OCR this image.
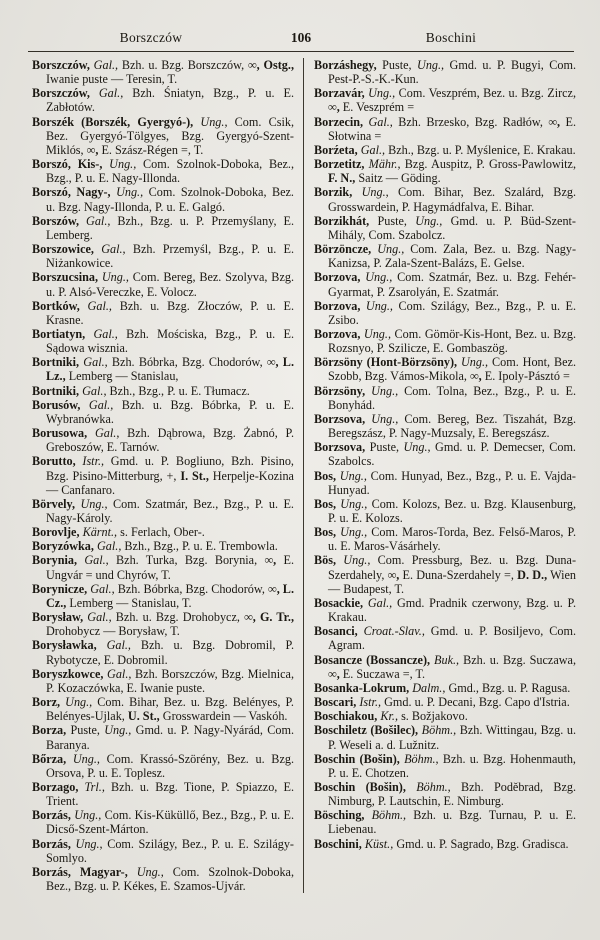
Borszczów	106	Boschini
Borszczów, Gal., Bzh. u. Bzg. Borszczów, ∞, Ostg., Iwanie puste — Teresin, T.
Borszczów, Gal., Bzh. Śniatyn, Bzg., P. u. E. Zabłotów.
Borszék (Borszék, Gyergyó-), Ung., Com. Csik, Bez. Gyergyó-Tölgyes, Bzg. Gyergyó-Szent-Miklós, ∞, E. Szász-Régen =, T.
Borszó, Kis-, Ung., Com. Szolnok-Doboka, Bez., Bzg., P. u. E. Nagy-Illonda.
Borszó, Nagy-, Ung., Com. Szolnok-Doboka, Bez. u. Bzg. Nagy-Illonda, P. u. E. Galgó.
Borszów, Gal., Bzh., Bzg. u. P. Przemyślany, E. Lemberg.
Borszowice, Gal., Bzh. Przemyśl, Bzg., P. u. E. Niżankowice.
Borszucsina, Ung., Com. Bereg, Bez. Szolyva, Bzg. u. P. Alsó-Vereczke, E. Volocz.
Bortków, Gal., Bzh. u. Bzg. Złoczów, P. u. E. Krasne.
Bortiatyn, Gal., Bzh. Mościska, Bzg., P. u. E. Sądowa wisznia.
Bortniki, Gal., Bzh. Bóbrka, Bzg. Chodorów, ∞, L. Lz., Lemberg — Stanislau,
Bortniki, Gal., Bzh., Bzg., P. u. E. Tłumacz.
Borusów, Gal., Bzh. u. Bzg. Bóbrka, P. u. E. Wybranówka.
Borusowa, Gal., Bzh. Dąbrowa, Bzg. Żabnó, P. Greboszów, E. Tarnów.
Borutto, Istr., Gmd. u. P. Bogliuno, Bzh. Pisino, Bzg. Pisino-Mitterburg, +, I. St., Herpelje-Kozina — Canfanaro.
Börvely, Ung., Com. Szatmár, Bez., Bzg., P. u. E. Nagy-Károly.
Borovlje, Kärnt., s. Ferlach, Ober-.
Boryzówka, Gal., Bzh., Bzg., P. u. E. Trembowla.
Borynia, Gal., Bzh. Turka, Bzg. Borynia, ∞, E. Ungvár = und Chyrów, T.
Borynicze, Gal., Bzh. Bóbrka, Bzg. Chodorów, ∞, L. Cz., Lemberg — Stanislau, T.
Borysław, Gal., Bzh. u. Bzg. Drohobycz, ∞, G. Tr., Drohobycz — Borysław, T.
Borysławka, Gal., Bzh. u. Bzg. Dobromil, P. Rybotycze, E. Dobromil.
Boryszkowce, Gal., Bzh. Borszczów, Bzg. Mielnica, P. Kozaczówka, E. Iwanie puste.
Borz, Ung., Com. Bihar, Bez. u. Bzg. Belényes, P. Belényes-Ujlak, U. St., Grosswardein — Vaskóh.
Borza, Puste, Ung., Gmd. u. P. Nagy-Nyárád, Com. Baranya.
Bőrza, Ung., Com. Krassó-Szörény, Bez. u. Bzg. Orsova, P. u. E. Toplesz.
Borzago, Trl., Bzh. u. Bzg. Tione, P. Spiazzo, E. Trient.
Borzás, Ung., Com. Kis-Küküllő, Bez., Bzg., P. u. E. Dicső-Szent-Márton.
Borzás, Ung., Com. Szilágy, Bez., P. u. E. Szilágy-Somlyo.
Borzás, Magyar-, Ung., Com. Szolnok-Doboka, Bez., Bzg. u. P. Kékes, E. Szamos-Ujvár.
Borzáshegy, Puste, Ung., Gmd. u. P. Bugyi, Com. Pest-P.-S.-K.-Kun.
Borzavár, Ung., Com. Veszprém, Bez. u. Bzg. Zircz, ∞, E. Veszprém =
Borzecin, Gal., Bzh. Brzesko, Bzg. Radłów, ∞, E. Słotwina =
Borźeta, Gal., Bzh., Bzg. u. P. Myślenice, E. Krakau.
Borzetitz, Mähr., Bzg. Auspitz, P. Gross-Pawlowitz, F. N., Saitz — Göding.
Borzik, Ung., Com. Bihar, Bez. Szalárd, Bzg. Grosswardein, P. Hagymádfalva, E. Bihar.
Borzikhát, Puste, Ung., Gmd. u. P. Büd-Szent-Mihály, Com. Szabolcz.
Börzöncze, Ung., Com. Zala, Bez. u. Bzg. Nagy-Kanizsa, P. Zala-Szent-Balázs, E. Gelse.
Borzova, Ung., Com. Szatmár, Bez. u. Bzg. Fehér-Gyarmat, P. Zsarolyán, E. Szatmár.
Borzova, Ung., Com. Szilágy, Bez., Bzg., P. u. E. Zsibo.
Borzova, Ung., Com. Gömör-Kis-Hont, Bez. u. Bzg. Rozsnyo, P. Szilicze, E. Gombaszög.
Börzsöny (Hont-Börzsöny), Ung., Com. Hont, Bez. Szobb, Bzg. Vámos-Mikola, ∞, E. Ipoly-Pásztó =
Börzsöny, Ung., Com. Tolna, Bez., Bzg., P. u. E. Bonyhád.
Borzsova, Ung., Com. Bereg, Bez. Tiszahát, Bzg. Beregszász, P. Nagy-Muzsaly, E. Beregszász.
Borzsova, Puste, Ung., Gmd. u. P. Demecser, Com. Szabolcs.
Bos, Ung., Com. Hunyad, Bez., Bzg., P. u. E. Vajda-Hunyad.
Bos, Ung., Com. Kolozs, Bez. u. Bzg. Klausenburg, P. u. E. Kolozs.
Bos, Ung., Com. Maros-Torda, Bez. Felső-Maros, P. u. E. Maros-Vásárhely.
Bös, Ung., Com. Pressburg, Bez. u. Bzg. Duna-Szerdahely, ∞, E. Duna-Szerdahely =, D. D., Wien — Budapest, T.
Bosackie, Gal., Gmd. Pradnik czerwony, Bzg. u. P. Krakau.
Bosanci, Croat.-Slav., Gmd. u. P. Bosiljevo, Com. Agram.
Bosancze (Bossancze), Buk., Bzh. u. Bzg. Suczawa, ∞, E. Suczawa =, T.
Bosanka-Lokrum, Dalm., Gmd., Bzg. u. P. Ragusa.
Boscari, Istr., Gmd. u. P. Decani, Bzg. Capo d'Istria.
Boschiakou, Kr., s. Božjakovo.
Boschiletz (Bošilec), Böhm., Bzh. Wittingau, Bzg. u. P. Weseli a. d. Lužnitz.
Boschin (Bošin), Böhm., Bzh. u. Bzg. Hohenmauth, P. u. E. Chotzen.
Boschin (Bošin), Böhm., Bzh. Poděbrad, Bzg. Nimburg, P. Lautschin, E. Nimburg.
Bösching, Böhm., Bzh. u. Bzg. Turnau, P. u. E. Liebenau.
Boschini, Küst., Gmd. u. P. Sagrado, Bzg. Gradisca.
